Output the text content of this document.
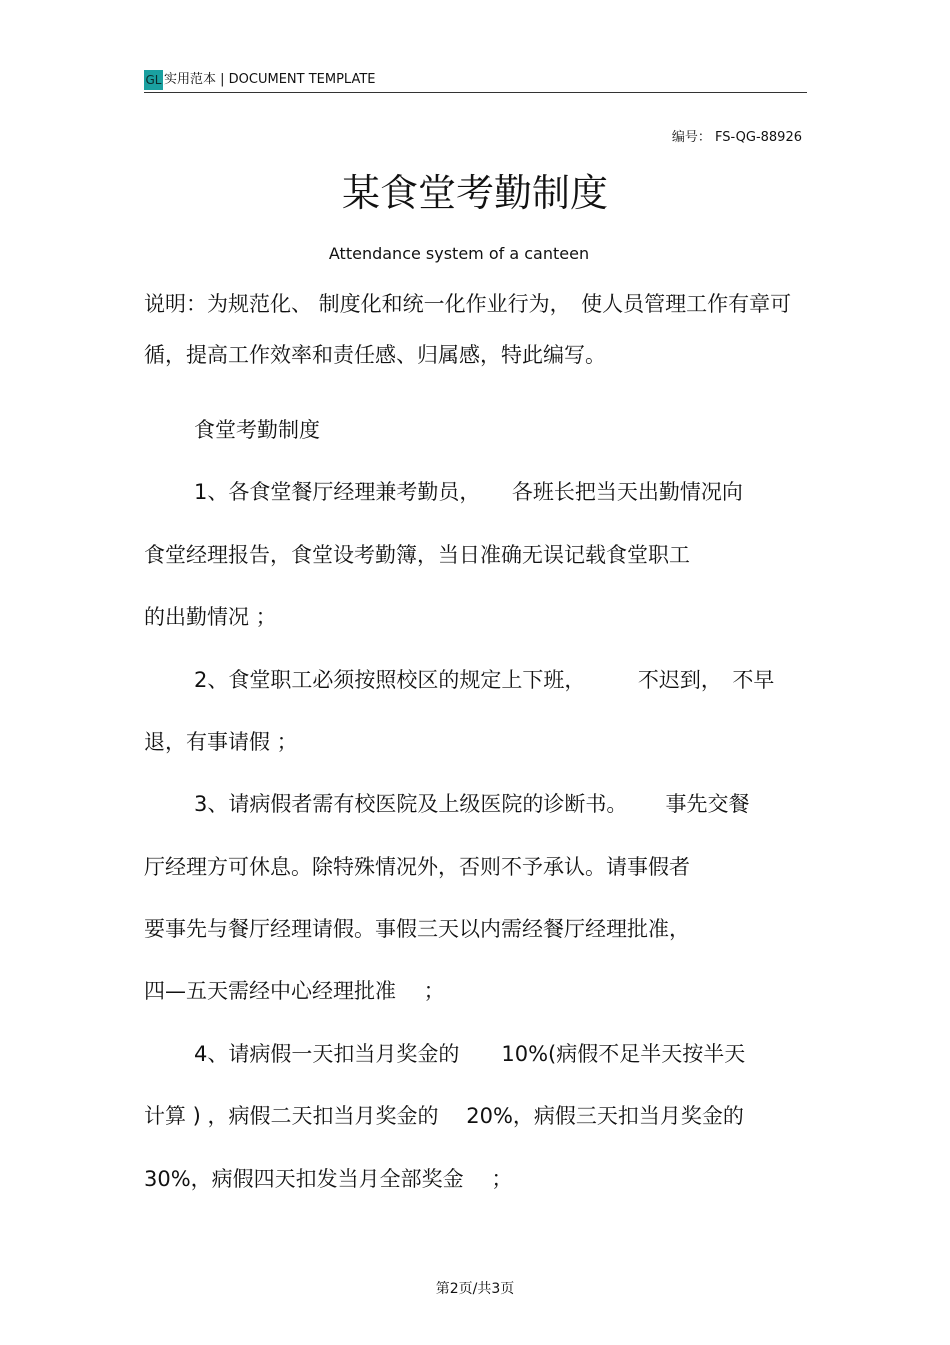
GL 实用范本 | DOCUMENT TEMPLATE
编号： FS-QG-88926
某食堂考勤制度
Attendance system of a canteen
说明：为规范化、 制度化和统一化作业行为，　使人员管理工作有章可
循，提高工作效率和责任感、归属感，特此编写。
食堂考勤制度
1、各食堂餐厅经理兼考勤员，　　各班长把当天出勤情况向
食堂经理报告，食堂设考勤簿，当日准确无误记载食堂职工
的出勤情况 ；
2、食堂职工必须按照校区的规定上下班，　　　不迟到，　不早
退，有事请假 ；
3、请病假者需有校医院及上级医院的诊断书。　　 事先交餐
厅经理方可休息。除特殊情况外，否则不予承认。请事假者
要事先与餐厅经理请假。事假三天以内需经餐厅经理批准，
四—五天需经中心经理批准　 ；
4、请病假一天扣当月奖金的　　10%(病假不足半天按半天
计算 ) ，病假二天扣当月奖金的　 20%，病假三天扣当月奖金的
30%，病假四天扣发当月全部奖金　 ；
第2页/共3页
